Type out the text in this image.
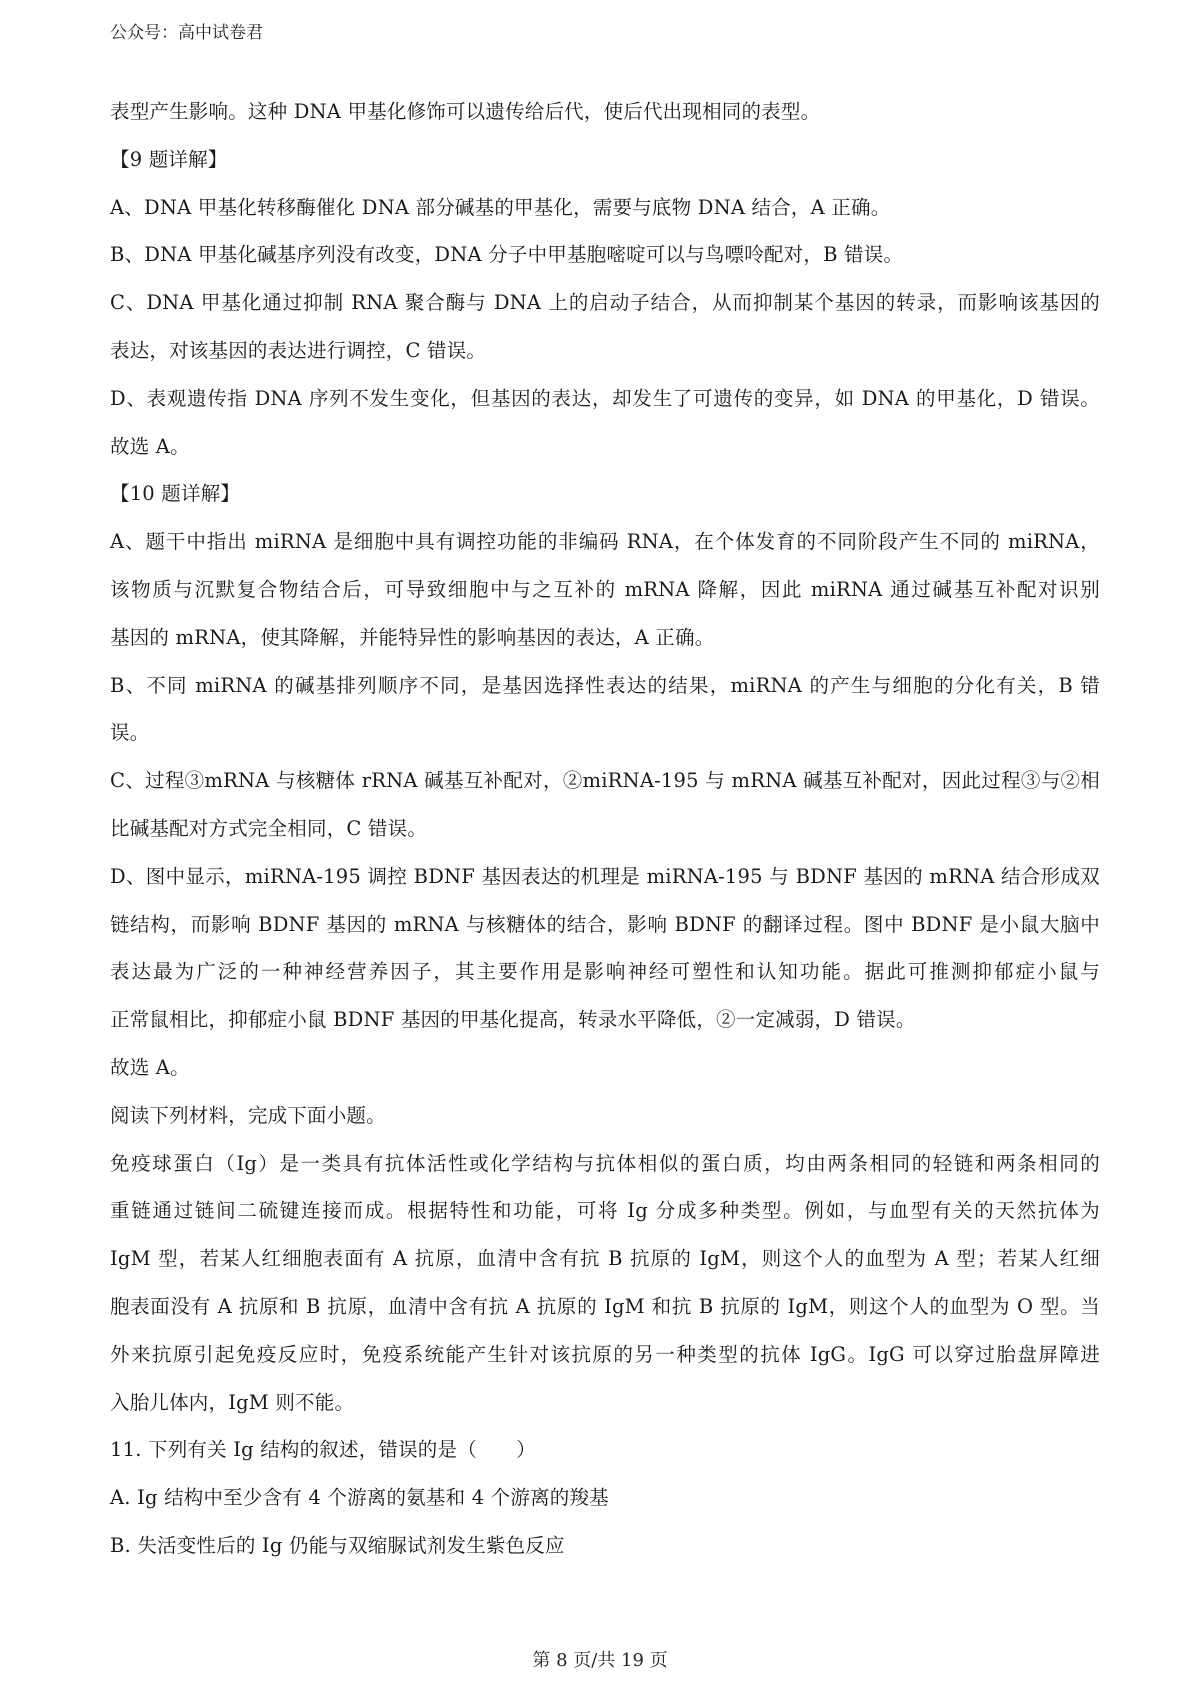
公众号：高中试卷君
表型产生影响。这种 DNA 甲基化修饰可以遗传给后代，使后代出现相同的表型。
【9 题详解】
A、DNA 甲基化转移酶催化 DNA 部分碱基的甲基化，需要与底物 DNA 结合，A 正确。
B、DNA 甲基化碱基序列没有改变，DNA 分子中甲基胞嘧啶可以与鸟嘌呤配对，B 错误。
C、DNA 甲基化通过抑制 RNA 聚合酶与 DNA 上的启动子结合，从而抑制某个基因的转录，而影响该基因的
表达，对该基因的表达进行调控，C 错误。
D、表观遗传指 DNA 序列不发生变化，但基因的表达，却发生了可遗传的变异，如 DNA 的甲基化，D 错误。
故选 A。
【10 题详解】
A、题干中指出 miRNA 是细胞中具有调控功能的非编码 RNA，在个体发育的不同阶段产生不同的 miRNA，
该物质与沉默复合物结合后，可导致细胞中与之互补的 mRNA 降解，因此 miRNA 通过碱基互补配对识别
基因的 mRNA，使其降解，并能特异性的影响基因的表达，A 正确。
B、不同 miRNA 的碱基排列顺序不同，是基因选择性表达的结果，miRNA 的产生与细胞的分化有关，B 错
误。
C、过程③mRNA 与核糖体 rRNA 碱基互补配对，②miRNA-195 与 mRNA 碱基互补配对，因此过程③与②相
比碱基配对方式完全相同，C 错误。
D、图中显示，miRNA-195 调控 BDNF 基因表达的机理是 miRNA-195 与 BDNF 基因的 mRNA 结合形成双
链结构，而影响 BDNF 基因的 mRNA 与核糖体的结合，影响 BDNF 的翻译过程。图中 BDNF 是小鼠大脑中
表达最为广泛的一种神经营养因子，其主要作用是影响神经可塑性和认知功能。据此可推测抑郁症小鼠与
正常鼠相比，抑郁症小鼠 BDNF 基因的甲基化提高，转录水平降低，②一定减弱，D 错误。
故选 A。
阅读下列材料，完成下面小题。
免疫球蛋白（Ig）是一类具有抗体活性或化学结构与抗体相似的蛋白质，均由两条相同的轻链和两条相同的
重链通过链间二硫键连接而成。根据特性和功能，可将 Ig 分成多种类型。例如，与血型有关的天然抗体为
IgM 型，若某人红细胞表面有 A 抗原，血清中含有抗 B 抗原的 IgM，则这个人的血型为 A 型；若某人红细
胞表面没有 A 抗原和 B 抗原，血清中含有抗 A 抗原的 IgM 和抗 B 抗原的 IgM，则这个人的血型为 O 型。当
外来抗原引起免疫反应时，免疫系统能产生针对该抗原的另一种类型的抗体 IgG。IgG 可以穿过胎盘屏障进
入胎儿体内，IgM 则不能。
11. 下列有关 Ig 结构的叙述，错误的是（　　）
A. Ig 结构中至少含有 4 个游离的氨基和 4 个游离的羧基
B. 失活变性后的 Ig 仍能与双缩脲试剂发生紫色反应
第 8 页/共 19 页
